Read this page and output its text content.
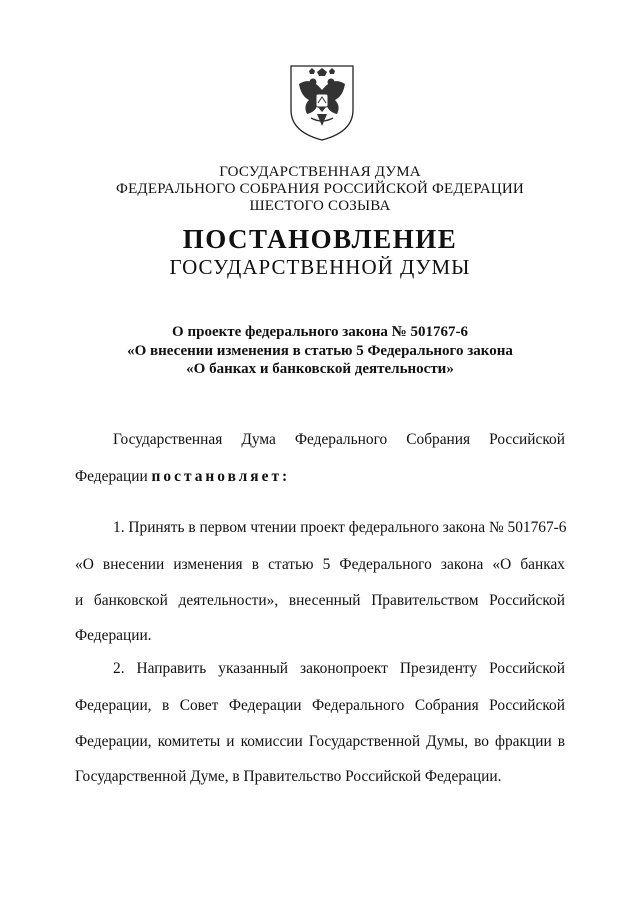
ГОСУДАРСТВЕННАЯ ДУМА
ФЕДЕРАЛЬНОГО СОБРАНИЯ РОССИЙСКОЙ ФЕДЕРАЦИИ
ШЕСТОГО СОЗЫВА
ПОСТАНОВЛЕНИЕ
ГОСУДАРСТВЕННОЙ ДУМЫ
О проекте федерального закона № 501767-6
«О внесении изменения в статью 5 Федерального закона
«О банках и банковской деятельности»
Государственная Дума Федерального Собрания Российской
Федерации постановляет:
1. Принять в первом чтении проект федерального закона № 501767-6
«О внесении изменения в статью 5 Федерального закона «О банках
и банковской деятельности», внесенный Правительством Российской
Федерации.
2. Направить указанный законопроект Президенту Российской
Федерации, в Совет Федерации Федерального Собрания Российской
Федерации, комитеты и комиссии Государственной Думы, во фракции в
Государственной Думе, в Правительство Российской Федерации.
